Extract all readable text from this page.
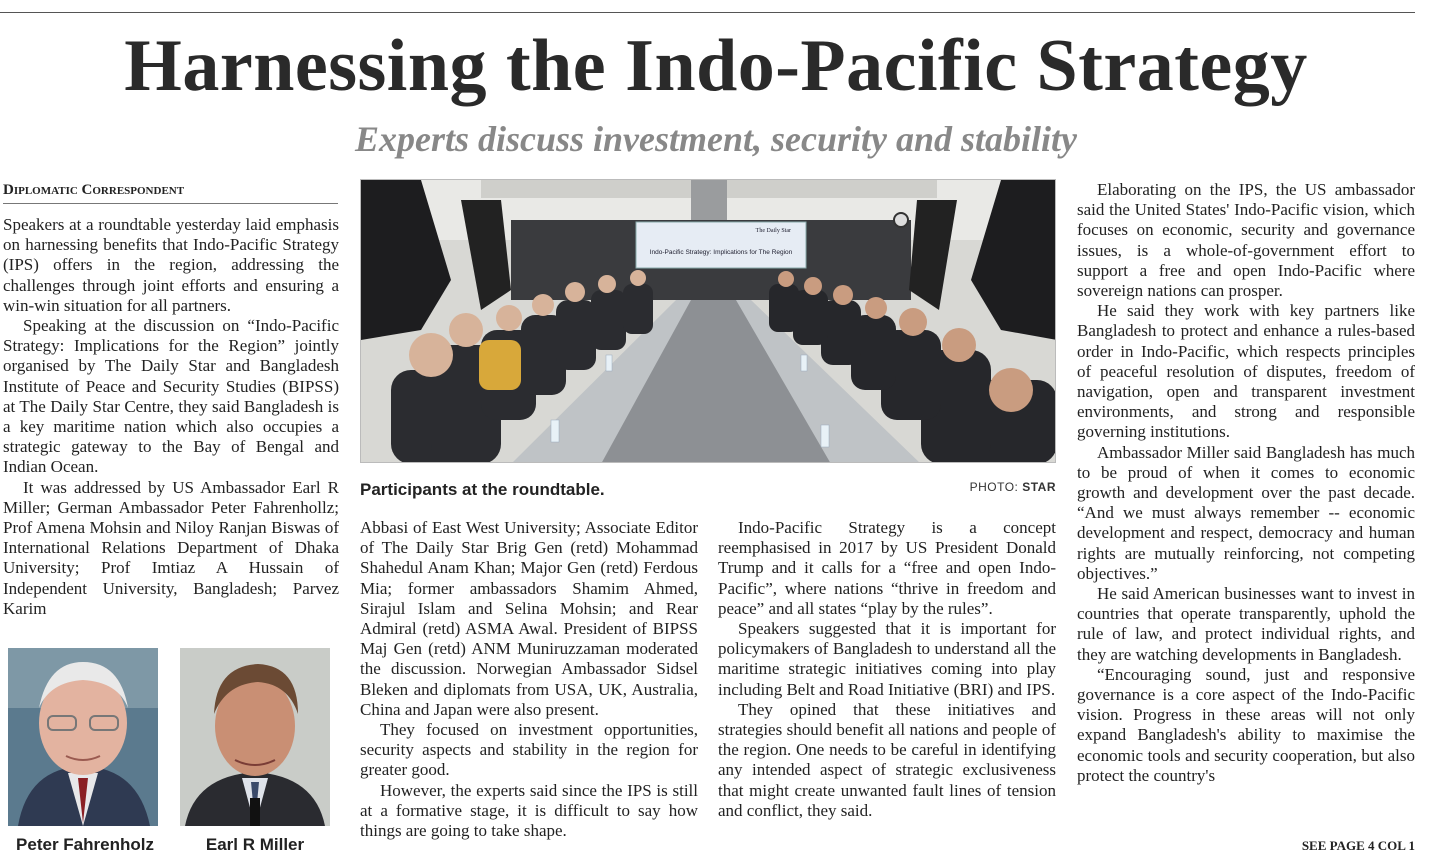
Harnessing the Indo-Pacific Strategy
Experts discuss investment, security and stability
Diplomatic Correspondent

Speakers at a roundtable yesterday laid emphasis on harnessing benefits that Indo-Pacific Strategy (IPS) offers in the region, addressing the challenges through joint efforts and ensuring a win-win situation for all partners.

Speaking at the discussion on “Indo-Pacific Strategy: Implications for the Region” jointly organised by The Daily Star and Bangladesh Institute of Peace and Security Studies (BIPSS) at The Daily Star Centre, they said Bangladesh is a key maritime nation which also occupies a strategic gateway to the Bay of Bengal and Indian Ocean.

It was addressed by US Ambassador Earl R Miller; German Ambassador Peter Fahrenhollz; Prof Amena Mohsin and Niloy Ranjan Biswas of International Relations Department of Dhaka University; Prof Imtiaz A Hussain of Independent University, Bangladesh; Parvez Karim

Indo-Pacific Strategy: Implications for The Region
The Daily Star
Participants at the roundtable.	PHOTO: STAR

Abbasi of East West University; Associate Editor of The Daily Star Brig Gen (retd) Mohammad Shahedul Anam Khan; Major Gen (retd) Ferdous Mia; former ambassadors Shamim Ahmed, Sirajul Islam and Selina Mohsin; and Rear Admiral (retd) ASMA Awal. President of BIPSS Maj Gen (retd) ANM Muniruzzaman moderated the discussion. Norwegian Ambassador Sidsel Bleken and diplomats from USA, UK, Australia, China and Japan were also present.

They focused on investment opportunities, security aspects and stability in the region for greater good.

However, the experts said since the IPS is still at a formative stage, it is difficult to say how things are going to take shape.

Indo-Pacific Strategy is a concept reemphasised in 2017 by US President Donald Trump and it calls for a “free and open Indo-Pacific”, where nations “thrive in freedom and peace” and all states “play by the rules”.

Speakers suggested that it is important for policymakers of Bangladesh to understand all the maritime strategic initiatives coming into play including Belt and Road Initiative (BRI) and IPS.

They opined that these initiatives and strategies should benefit all nations and people of the region. One needs to be careful in identifying any intended aspect of strategic exclusiveness that might create unwanted fault lines of tension and conflict, they said.

Elaborating on the IPS, the US ambassador said the United States' Indo-Pacific vision, which focuses on economic, security and governance issues, is a whole-of-government effort to support a free and open Indo-Pacific where sovereign nations can prosper.

He said they work with key partners like Bangladesh to protect and enhance a rules-based order in Indo-Pacific, which respects principles of peaceful resolution of disputes, freedom of navigation, open and transparent investment environments, and strong and responsible governing institutions.

Ambassador Miller said Bangladesh has much to be proud of when it comes to economic growth and development over the past decade. “And we must always remember -- economic development and respect, democracy and human rights are mutually reinforcing, not competing objectives.”

He said American businesses want to invest in countries that operate transparently, uphold the rule of law, and protect individual rights, and they are watching developments in Bangladesh.

“Encouraging sound, just and responsive governance is a core aspect of the Indo-Pacific vision. Progress in these areas will not only expand Bangladesh's ability to maximise the economic tools and security cooperation, but also protect the country's

SEE PAGE 4 COL 1
Peter Fahrenholz	Earl R Miller
